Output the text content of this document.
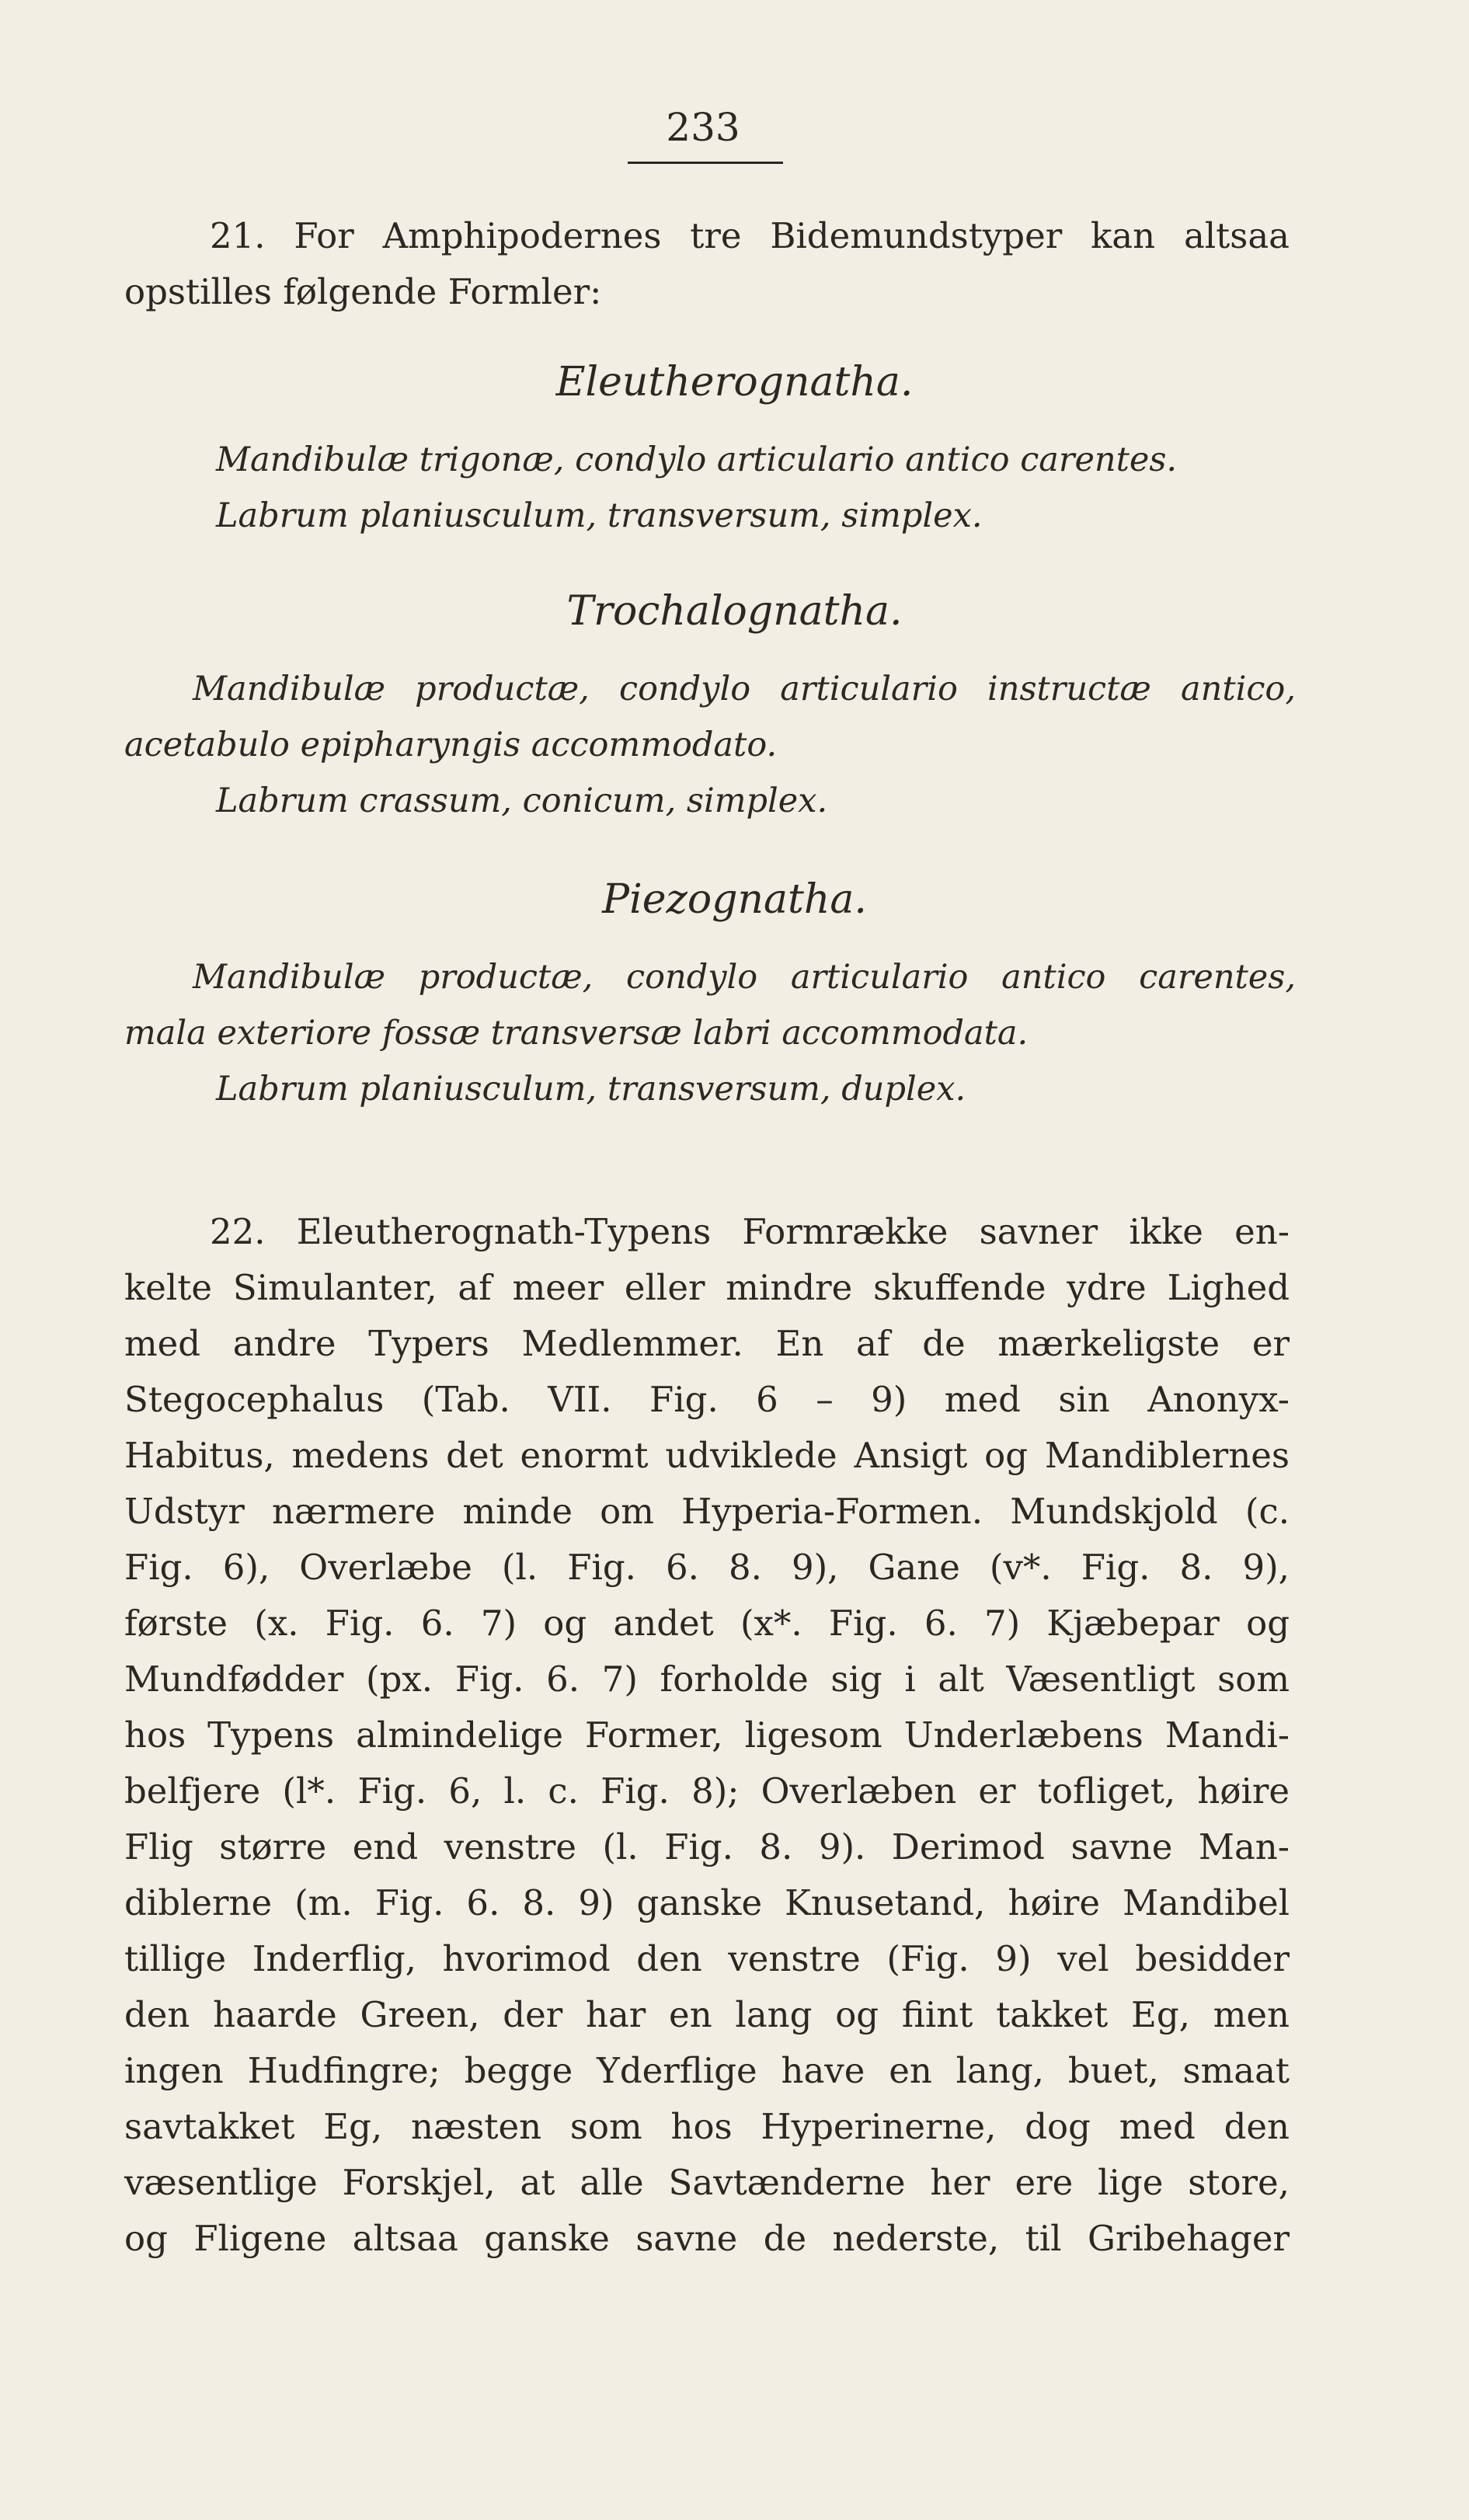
233
21. For Amphipodernes tre Bidemundstyper kan altsaa
opstilles følgende Formler:
Eleutherognatha.
Mandibulæ trigonæ, condylo articulario antico carentes.
Labrum planiusculum, transversum, simplex.
Trochalognatha.
Mandibulæ productæ, condylo articulario instructæ antico,
acetabulo epipharyngis accommodato.
Labrum crassum, conicum, simplex.
Piezognatha.
Mandibulæ productæ, condylo articulario antico carentes,
mala exteriore fossæ transversæ labri accommodata.
Labrum planiusculum, transversum, duplex.
22. Eleutherognath-Typens Formrække savner ikke en-
kelte Simulanter, af meer eller mindre skuffende ydre Lighed
med andre Typers Medlemmer. En af de mærkeligste er
Stegocephalus (Tab. VII. Fig. 6 – 9) med sin Anonyx-
Habitus, medens det enormt udviklede Ansigt og Mandiblernes
Udstyr nærmere minde om Hyperia-Formen. Mundskjold (c.
Fig. 6), Overlæbe (l. Fig. 6. 8. 9), Gane (v*. Fig. 8. 9),
første (x. Fig. 6. 7) og andet (x*. Fig. 6. 7) Kjæbepar og
Mundfødder (px. Fig. 6. 7) forholde sig i alt Væsentligt som
hos Typens almindelige Former, ligesom Underlæbens Mandi-
belfjere (l*. Fig. 6, l. c. Fig. 8); Overlæben er tofliget, høire
Flig større end venstre (l. Fig. 8. 9). Derimod savne Man-
diblerne (m. Fig. 6. 8. 9) ganske Knusetand, høire Mandibel
tillige Inderflig, hvorimod den venstre (Fig. 9) vel besidder
den haarde Green, der har en lang og fiint takket Eg, men
ingen Hudfingre; begge Yderflige have en lang, buet, smaat
savtakket Eg, næsten som hos Hyperinerne, dog med den
væsentlige Forskjel, at alle Savtænderne her ere lige store,
og Fligene altsaa ganske savne de nederste, til Gribehager
